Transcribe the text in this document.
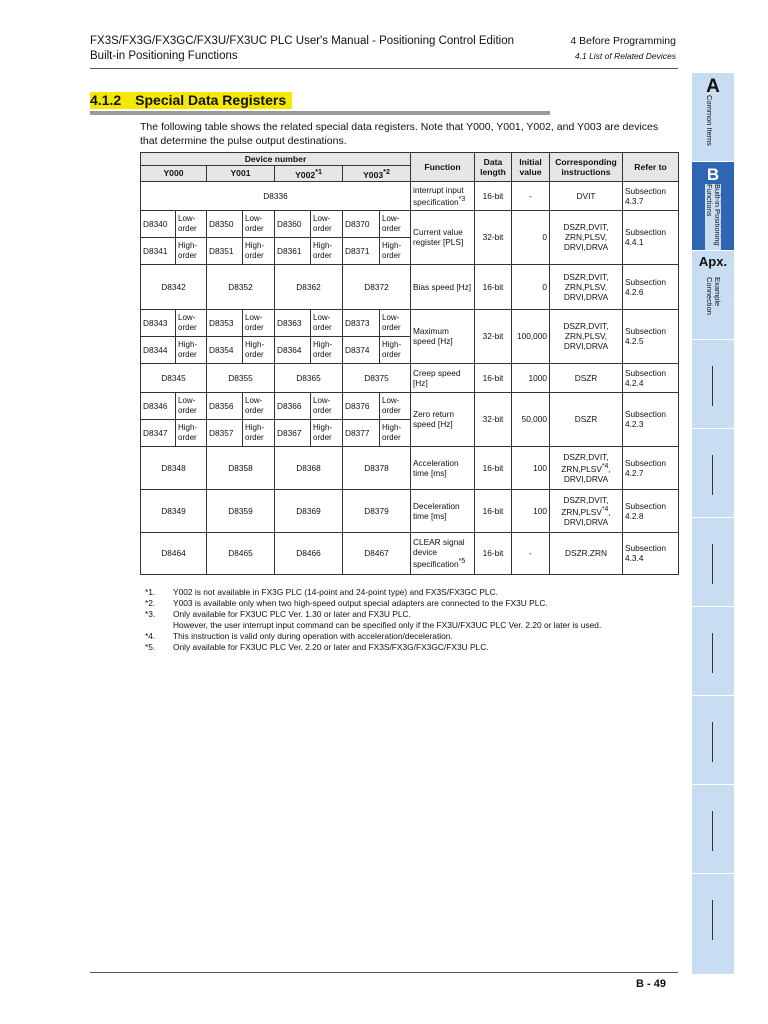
FX3S/FX3G/FX3GC/FX3U/FX3UC PLC User's Manual - Positioning Control Edition
Built-in Positioning Functions
4 Before Programming
4.1 List of Related Devices
4.1.2 Special Data Registers
The following table shows the related special data registers. Note that Y000, Y001, Y002, and Y003 are devices that determine the pulse output destinations.
Device number								Function	Data length	Initial value	Corresponding instructions	Refer to
Y000		Y001		Y002$^{*1}$		Y003$^{*2}$
D8336								interrupt input specification$^{*3}$	16-bit	-	DVIT	Subsection 4.3.7
D8340	Low-order	D8350	Low-order	D8360	Low-order	D8370	Low-order	Current value register [PLS]	32-bit	0	DSZR,DVIT, ZRN,PLSV, DRVI,DRVA	Subsection 4.4.1
D8341	High-order	D8351	High-order	D8361	High-order	D8371	High-order					
D8342		D8352		D8362		D8372		Bias speed [Hz]	16-bit	0	DSZR,DVIT, ZRN,PLSV, DRVI,DRVA	Subsection 4.2.6
D8343	Low-order	D8353	Low-order	D8363	Low-order	D8373	Low-order	Maximum speed [Hz]	32-bit	100,000	DSZR,DVIT, ZRN,PLSV, DRVI,DRVA	Subsection 4.2.5
D8344	High-order	D8354	High-order	D8364	High-order	D8374	High-order					
D8345		D8355		D8365		D8375		Creep speed [Hz]	16-bit	1000	DSZR	Subsection 4.2.4
D8346	Low-order	D8356	Low-order	D8366	Low-order	D8376	Low-order	Zero return speed [Hz]	32-bit	50,000	DSZR	Subsection 4.2.3
D8347	High-order	D8357	High-order	D8367	High-order	D8377	High-order					
D8348		D8358		D8368		D8378		Acceleration time [ms]	16-bit	100	DSZR,DVIT,
ZRN,PLSV$^{*4}$,
DRVI,DRVA	Subsection 4.2.7
D8349		D8359		D8369		D8379		Deceleration time [ms]	16-bit	100	DSZR,DVIT,
ZRN,PLSV$^{*4}$,
DRVI,DRVA	Subsection 4.2.8
D8464		D8465		D8466		D8467		CLEAR signal device specification$^{*5}$	16-bit	-	DSZR,ZRN	Subsection 4.3.4
*1.	Y002 is not available in FX3G PLC (14-point and 24-point type) and FX3S/FX3GC PLC.
*2.	Y003 is available only when two high-speed output special adapters are connected to the FX3U PLC.
*3.	Only available for FX3UC PLC Ver. 1.30 or later and FX3U PLC.
However, the user interrupt input command can be specified only if the FX3U/FX3UC PLC Ver. 2.20 or later is used.
*4.	This instruction is valid only during operation with acceleration/deceleration.
*5.	Only available for FX3UC PLC Ver. 2.20 or later and FX3S/FX3G/FX3GC/FX3U PLC.
A
Common Items
B
Built-in Positioning Functions
Apx.
Example Connection
B - 49
